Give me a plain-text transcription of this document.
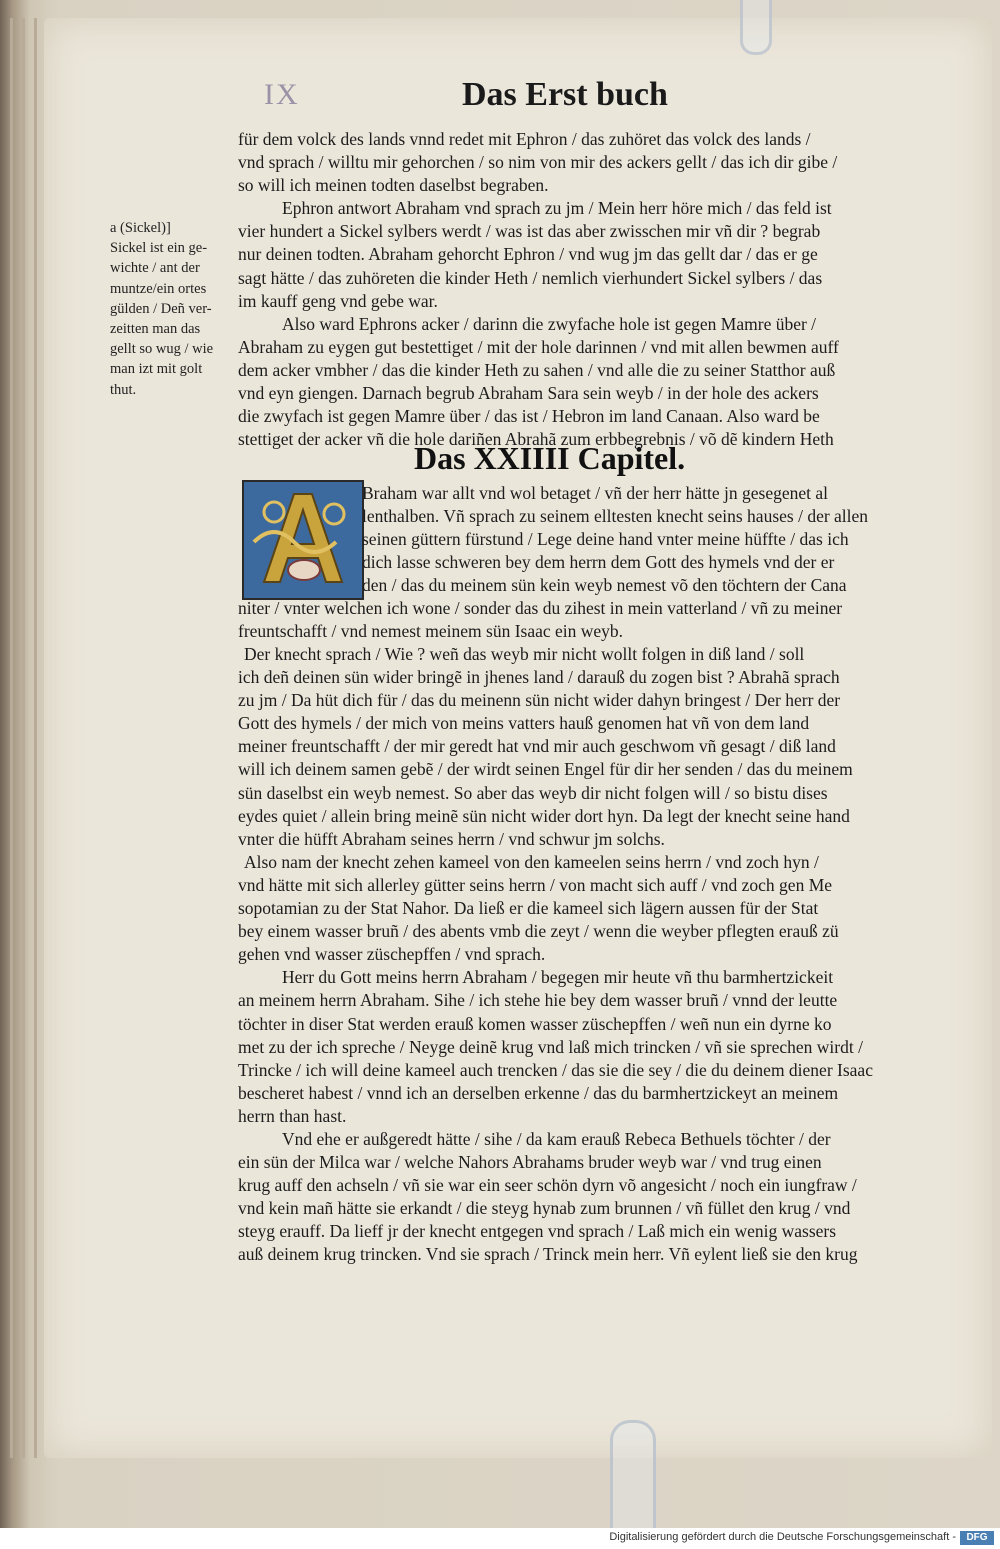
IX	Das Erst buch
a (Sickel)]
Sickel ist ein ge-
wichte / ant der
muntze/ein ortes
gülden / Deñ ver-
zeitten man das
gellt so wug / wie
man izt mit golt
thut.
für dem volck des lands vnnd redet mit Ephron / das zuhöret das volck des lands /
vnd sprach / willtu mir gehorchen / so nim von mir des ackers gellt / das ich dir gibe /
so will ich meinen todten daselbst begraben.
Ephron antwort Abraham vnd sprach zu jm / Mein herr höre mich / das feld ist
vier hundert a Sickel sylbers werdt / was ist das aber zwisschen mir vñ dir ? begrab
nur deinen todten. Abraham gehorcht Ephron / vnd wug jm das gellt dar / das er ge
sagt hätte / das zuhöreten die kinder Heth / nemlich vierhundert Sickel sylbers / das
im kauff geng vnd gebe war.
Also ward Ephrons acker / darinn die zwyfache hole ist gegen Mamre über /
Abraham zu eygen gut bestettiget / mit der hole darinnen / vnd mit allen bewmen auff
dem acker vmbher / das die kinder Heth zu sahen / vnd alle die zu seiner Statthor auß
vnd eyn giengen. Darnach begrub Abraham Sara sein weyb / in der hole des ackers
die zwyfach ist gegen Mamre über / das ist / Hebron im land Canaan. Also ward be
stettiget der acker vñ die hole dariñen Abrahã zum erbbegrebnis / võ dẽ kindern Heth
Das XXIIII Capitel.
Braham war allt vnd wol betaget / vñ der herr hätte jn gesegenet al
lenthalben. Vñ sprach zu seinem elltesten knecht seins hauses / der allen
seinen güttern fürstund / Lege deine hand vnter meine hüffte / das ich
dich lasse schweren bey dem herrn dem Gott des hymels vnd der er
den / das du meinem sün kein weyb nemest võ den töchtern der Cana
niter / vnter welchen ich wone / sonder das du zihest in mein vatterland / vñ zu meiner
freuntschafft / vnd nemest meinem sün Isaac ein weyb.
Der knecht sprach / Wie ? weñ das weyb mir nicht wollt folgen in diß land / soll
ich deñ deinen sün wider bringẽ in jhenes land / darauß du zogen bist ? Abrahã sprach
zu jm / Da hüt dich für / das du meinenn sün nicht wider dahyn bringest / Der herr der
Gott des hymels / der mich von meins vatters hauß genomen hat vñ von dem land
meiner freuntschafft / der mir geredt hat vnd mir auch geschwom vñ gesagt / diß land
will ich deinem samen gebẽ / der wirdt seinen Engel für dir her senden / das du meinem
sün daselbst ein weyb nemest. So aber das weyb dir nicht folgen will / so bistu dises
eydes quiet / allein bring meinẽ sün nicht wider dort hyn. Da legt der knecht seine hand
vnter die hüfft Abraham seines herrn / vnd schwur jm solchs.
Also nam der knecht zehen kameel von den kameelen seins herrn / vnd zoch hyn /
vnd hätte mit sich allerley gütter seins herrn / von macht sich auff / vnd zoch gen Me
sopotamian zu der Stat Nahor. Da ließ er die kameel sich lägern aussen für der Stat
bey einem wasser bruñ / des abents vmb die zeyt / wenn die weyber pflegten erauß zü
gehen vnd wasser züschepffen / vnd sprach.
Herr du Gott meins herrn Abraham / begegen mir heute vñ thu barmhertzickeit
an meinem herrn Abraham. Sihe / ich stehe hie bey dem wasser bruñ / vnnd der leutte
töchter in diser Stat werden erauß komen wasser züschepffen / weñ nun ein dyrne ko
met zu der ich spreche / Neyge deinẽ krug vnd laß mich trincken / vñ sie sprechen wirdt /
Trincke / ich will deine kameel auch trencken / das sie die sey / die du deinem diener Isaac
bescheret habest / vnnd ich an derselben erkenne / das du barmhertzickeyt an meinem
herrn than hast.
Vnd ehe er außgeredt hätte / sihe / da kam erauß Rebeca Bethuels töchter / der
ein sün der Milca war / welche Nahors Abrahams bruder weyb war / vnd trug einen
krug auff den achseln / vñ sie war ein seer schön dyrn võ angesicht / noch ein iungfraw /
vnd kein mañ hätte sie erkandt / die steyg hynab zum brunnen / vñ füllet den krug / vnd
steyg erauff. Da lieff jr der knecht entgegen vnd sprach / Laß mich ein wenig wassers
auß deinem krug trincken. Vnd sie sprach / Trinck mein herr. Vñ eylent ließ sie den krug
Digitalisierung gefördert durch die Deutsche Forschungsgemeinschaft -	DFG
